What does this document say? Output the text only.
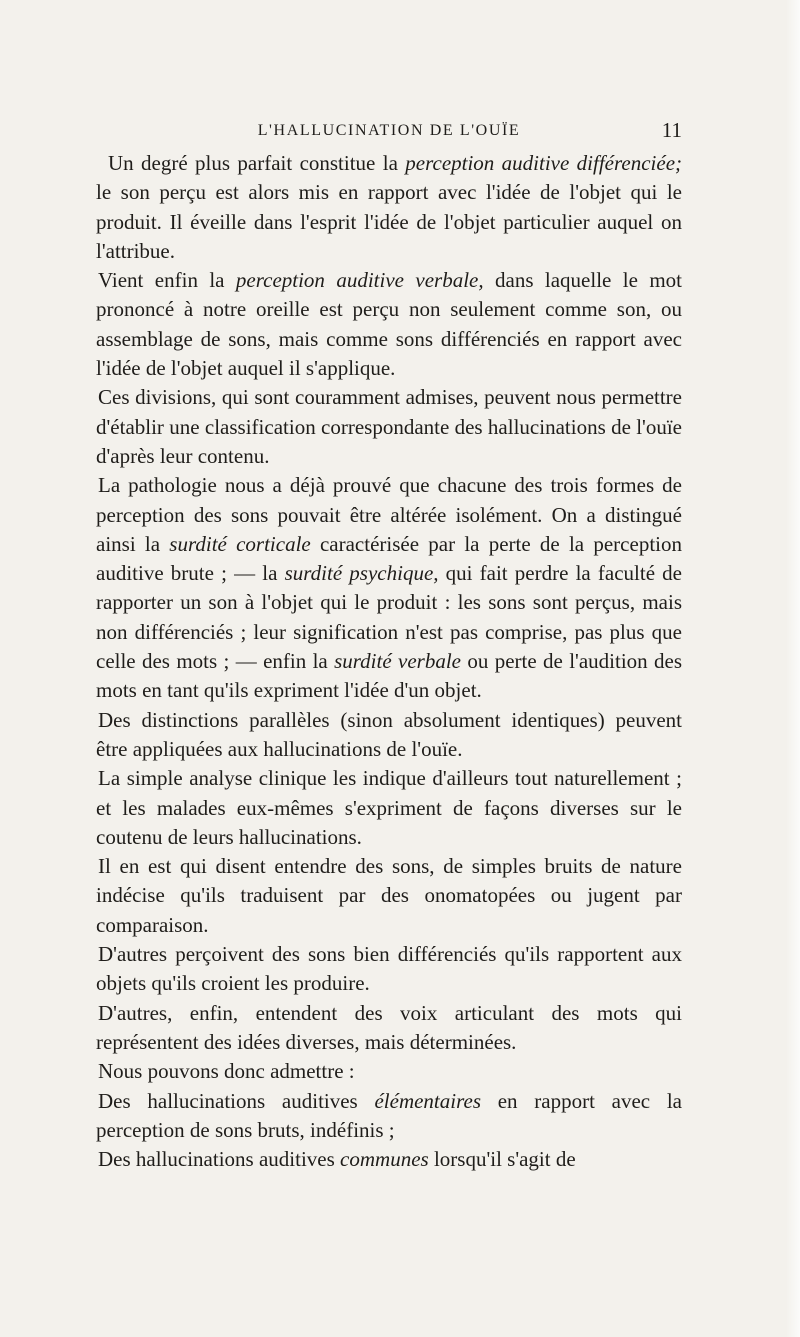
L'HALLUCINATION DE L'OUÏE	11

Un degré plus parfait constitue la perception auditive différenciée; le son perçu est alors mis en rapport avec l'idée de l'objet qui le produit. Il éveille dans l'esprit l'idée de l'objet particulier auquel on l'attribue.

Vient enfin la perception auditive verbale, dans laquelle le mot prononcé à notre oreille est perçu non seulement comme son, ou assemblage de sons, mais comme sons différenciés en rapport avec l'idée de l'objet auquel il s'applique.

Ces divisions, qui sont couramment admises, peuvent nous permettre d'établir une classification correspondante des hallucinations de l'ouïe d'après leur contenu.

La pathologie nous a déjà prouvé que chacune des trois formes de perception des sons pouvait être altérée isolément. On a distingué ainsi la surdité corticale caractérisée par la perte de la perception auditive brute ; — la surdité psychique, qui fait perdre la faculté de rapporter un son à l'objet qui le produit : les sons sont perçus, mais non différenciés ; leur signification n'est pas comprise, pas plus que celle des mots ; — enfin la surdité verbale ou perte de l'audition des mots en tant qu'ils expriment l'idée d'un objet.

Des distinctions parallèles (sinon absolument identiques) peuvent être appliquées aux hallucinations de l'ouïe.

La simple analyse clinique les indique d'ailleurs tout naturellement ; et les malades eux-mêmes s'expriment de façons diverses sur le coutenu de leurs hallucinations.

Il en est qui disent entendre des sons, de simples bruits de nature indécise qu'ils traduisent par des onomatopées ou jugent par comparaison.

D'autres perçoivent des sons bien différenciés qu'ils rapportent aux objets qu'ils croient les produire.

D'autres, enfin, entendent des voix articulant des mots qui représentent des idées diverses, mais déterminées.

Nous pouvons donc admettre :

Des hallucinations auditives élémentaires en rapport avec la perception de sons bruts, indéfinis ;

Des hallucinations auditives communes lorsqu'il s'agit de
